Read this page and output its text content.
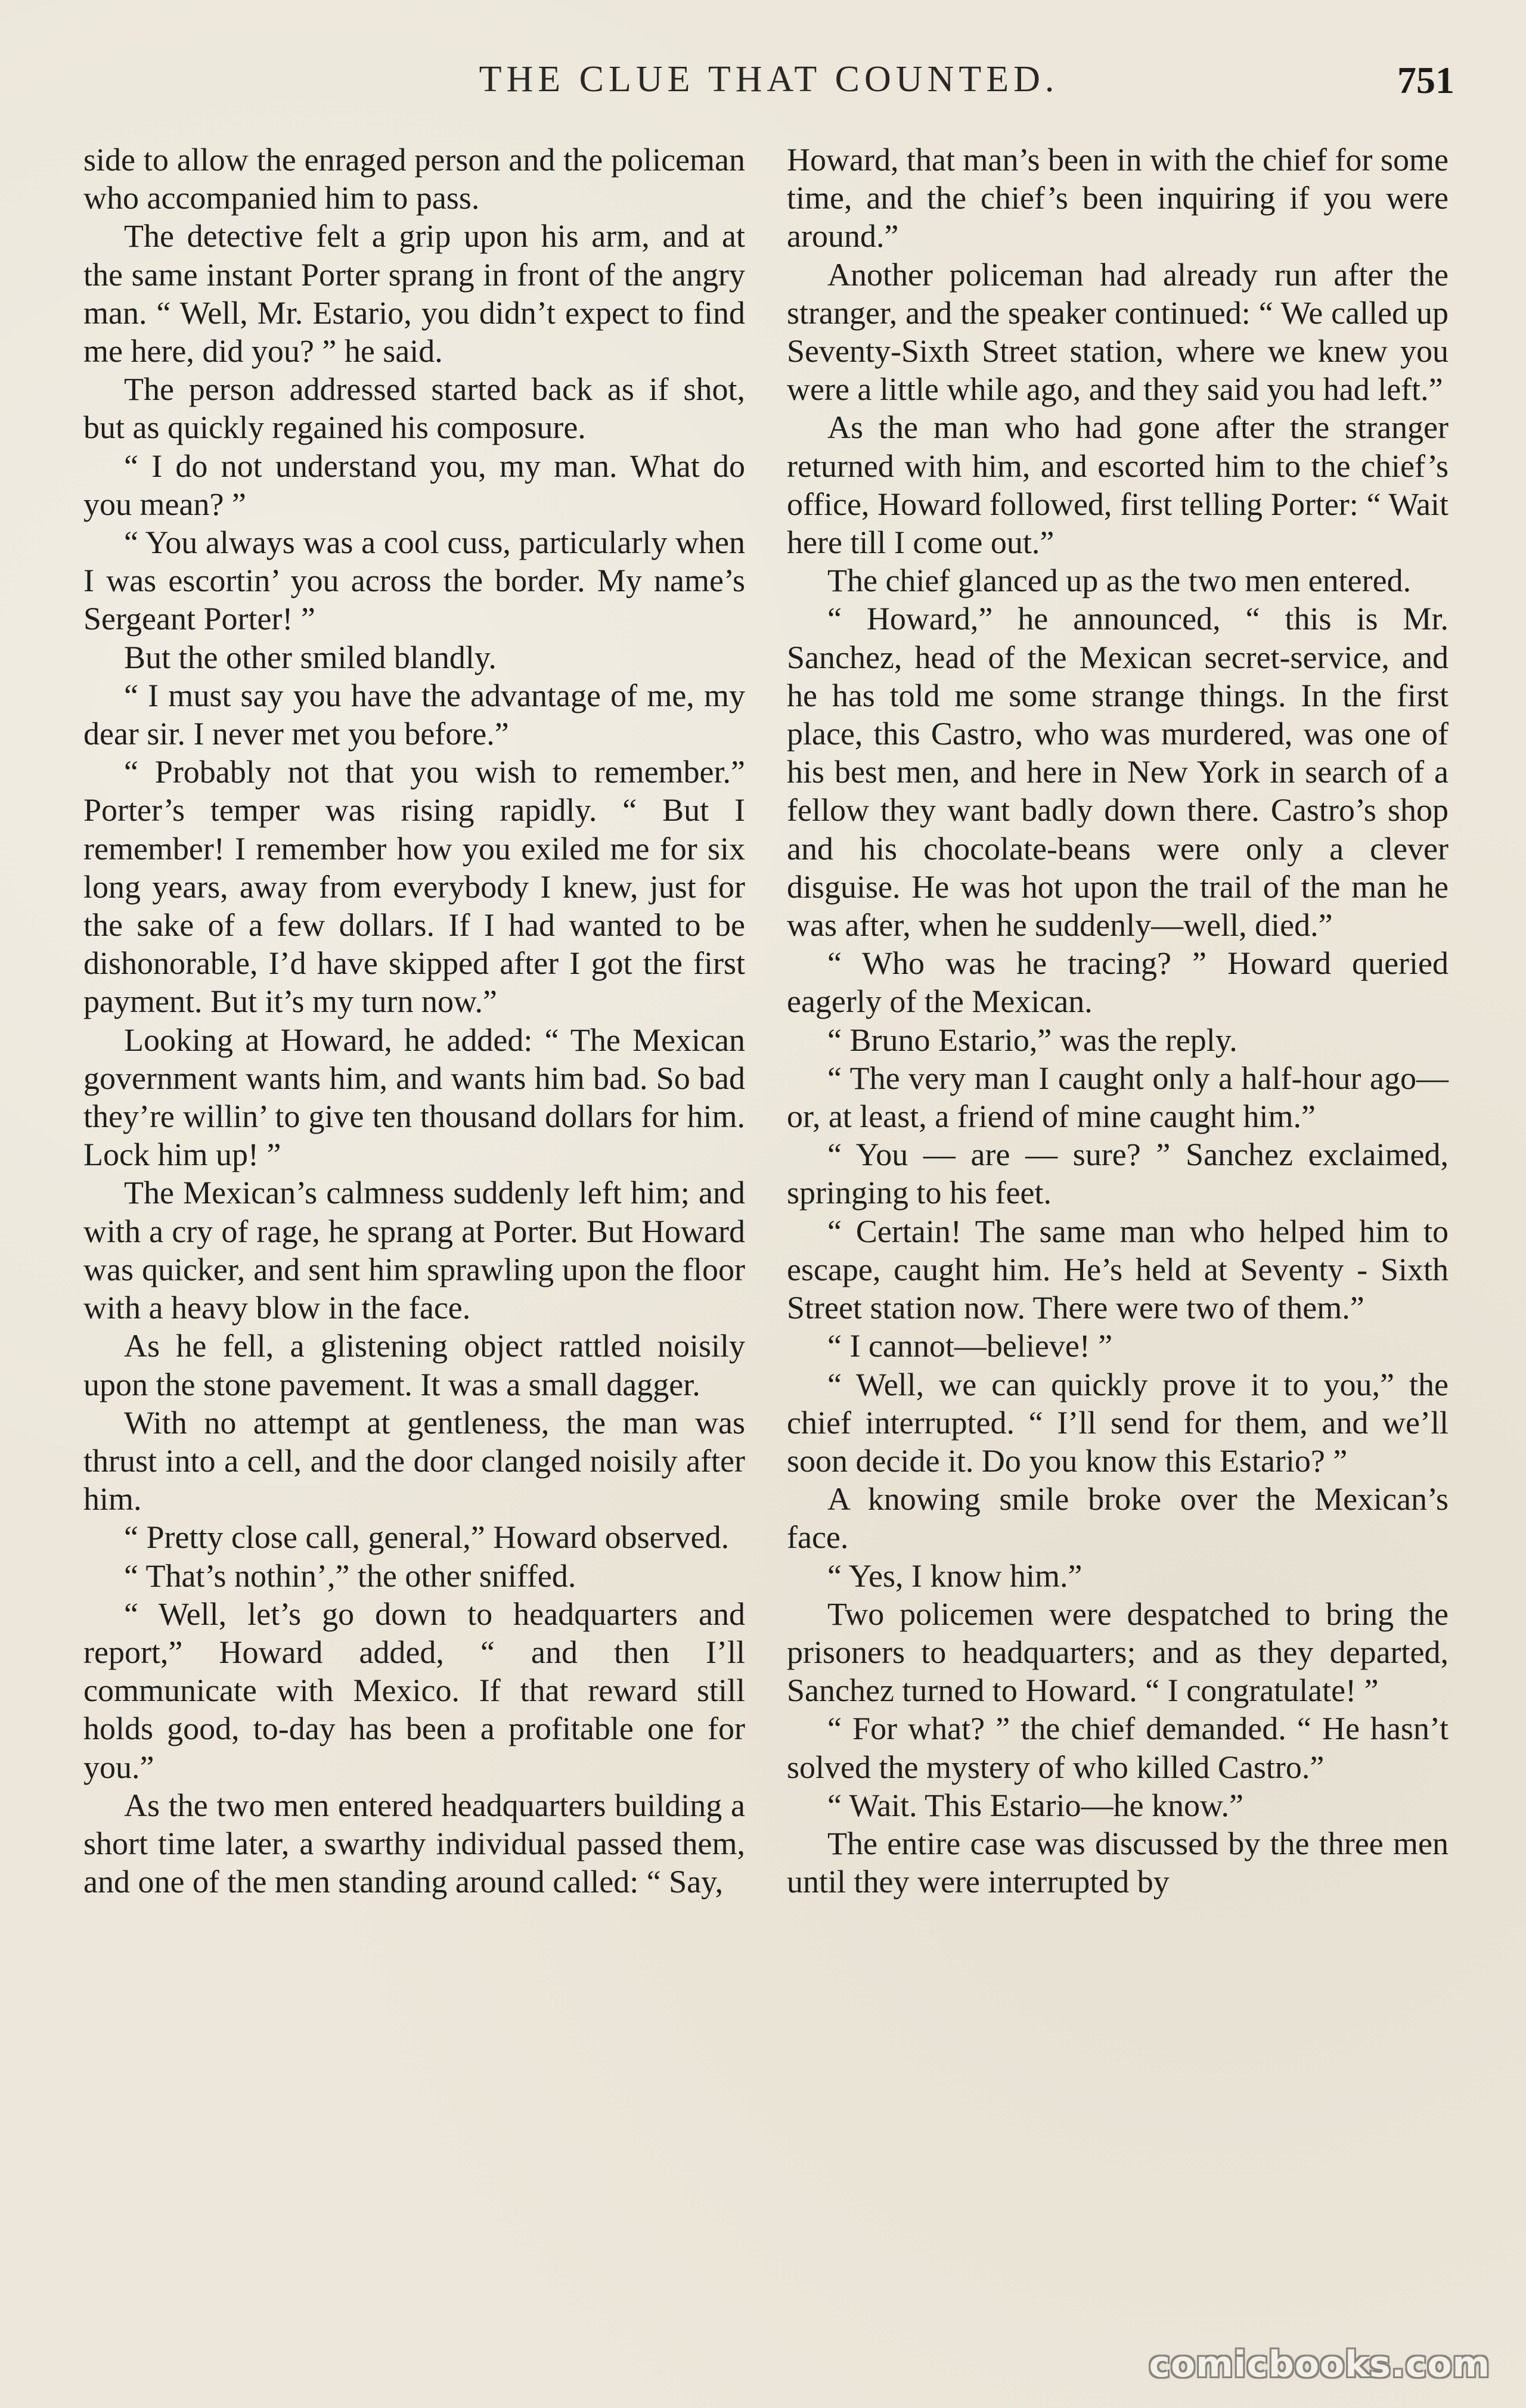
THE CLUE THAT COUNTED.	751

side to allow the enraged person and the policeman who accompanied him to pass.

The detective felt a grip upon his arm, and at the same instant Porter sprang in front of the angry man. “ Well, Mr. Estario, you didn’t expect to find me here, did you? ” he said.

The person addressed started back as if shot, but as quickly regained his composure.

“ I do not understand you, my man. What do you mean? ”

“ You always was a cool cuss, particularly when I was escortin’ you across the border. My name’s Sergeant Porter! ”

But the other smiled blandly.

“ I must say you have the advantage of me, my dear sir. I never met you before.”

“ Probably not that you wish to remember.” Porter’s temper was rising rapidly. “ But I remember! I remember how you exiled me for six long years, away from everybody I knew, just for the sake of a few dollars. If I had wanted to be dishonorable, I’d have skipped after I got the first payment. But it’s my turn now.”

Looking at Howard, he added: “ The Mexican government wants him, and wants him bad. So bad they’re willin’ to give ten thousand dollars for him. Lock him up! ”

The Mexican’s calmness suddenly left him; and with a cry of rage, he sprang at Porter. But Howard was quicker, and sent him sprawling upon the floor with a heavy blow in the face.

As he fell, a glistening object rattled noisily upon the stone pavement. It was a small dagger.

With no attempt at gentleness, the man was thrust into a cell, and the door clanged noisily after him.

“ Pretty close call, general,” Howard observed.

“ That’s nothin’,” the other sniffed.

“ Well, let’s go down to headquarters and report,” Howard added, “ and then I’ll communicate with Mexico. If that reward still holds good, to-day has been a profitable one for you.”

As the two men entered headquarters building a short time later, a swarthy individual passed them, and one of the men standing around called: “ Say,

Howard, that man’s been in with the chief for some time, and the chief’s been inquiring if you were around.”

Another policeman had already run after the stranger, and the speaker continued: “ We called up Seventy-Sixth Street station, where we knew you were a little while ago, and they said you had left.”

As the man who had gone after the stranger returned with him, and escorted him to the chief’s office, Howard followed, first telling Porter: “ Wait here till I come out.”

The chief glanced up as the two men entered.

“ Howard,” he announced, “ this is Mr. Sanchez, head of the Mexican secret-service, and he has told me some strange things. In the first place, this Castro, who was murdered, was one of his best men, and here in New York in search of a fellow they want badly down there. Castro’s shop and his chocolate-beans were only a clever disguise. He was hot upon the trail of the man he was after, when he suddenly—well, died.”

“ Who was he tracing? ” Howard queried eagerly of the Mexican.

“ Bruno Estario,” was the reply.

“ The very man I caught only a half-hour ago—or, at least, a friend of mine caught him.”

“ You — are — sure? ” Sanchez exclaimed, springing to his feet.

“ Certain! The same man who helped him to escape, caught him. He’s held at Seventy - Sixth Street station now. There were two of them.”

“ I cannot—believe! ”

“ Well, we can quickly prove it to you,” the chief interrupted. “ I’ll send for them, and we’ll soon decide it. Do you know this Estario? ”

A knowing smile broke over the Mexican’s face.

“ Yes, I know him.”

Two policemen were despatched to bring the prisoners to headquarters; and as they departed, Sanchez turned to Howard. “ I congratulate! ”

“ For what? ” the chief demanded. “ He hasn’t solved the mystery of who killed Castro.”

“ Wait. This Estario—he know.”

The entire case was discussed by the three men until they were interrupted by

comicbooks.com
